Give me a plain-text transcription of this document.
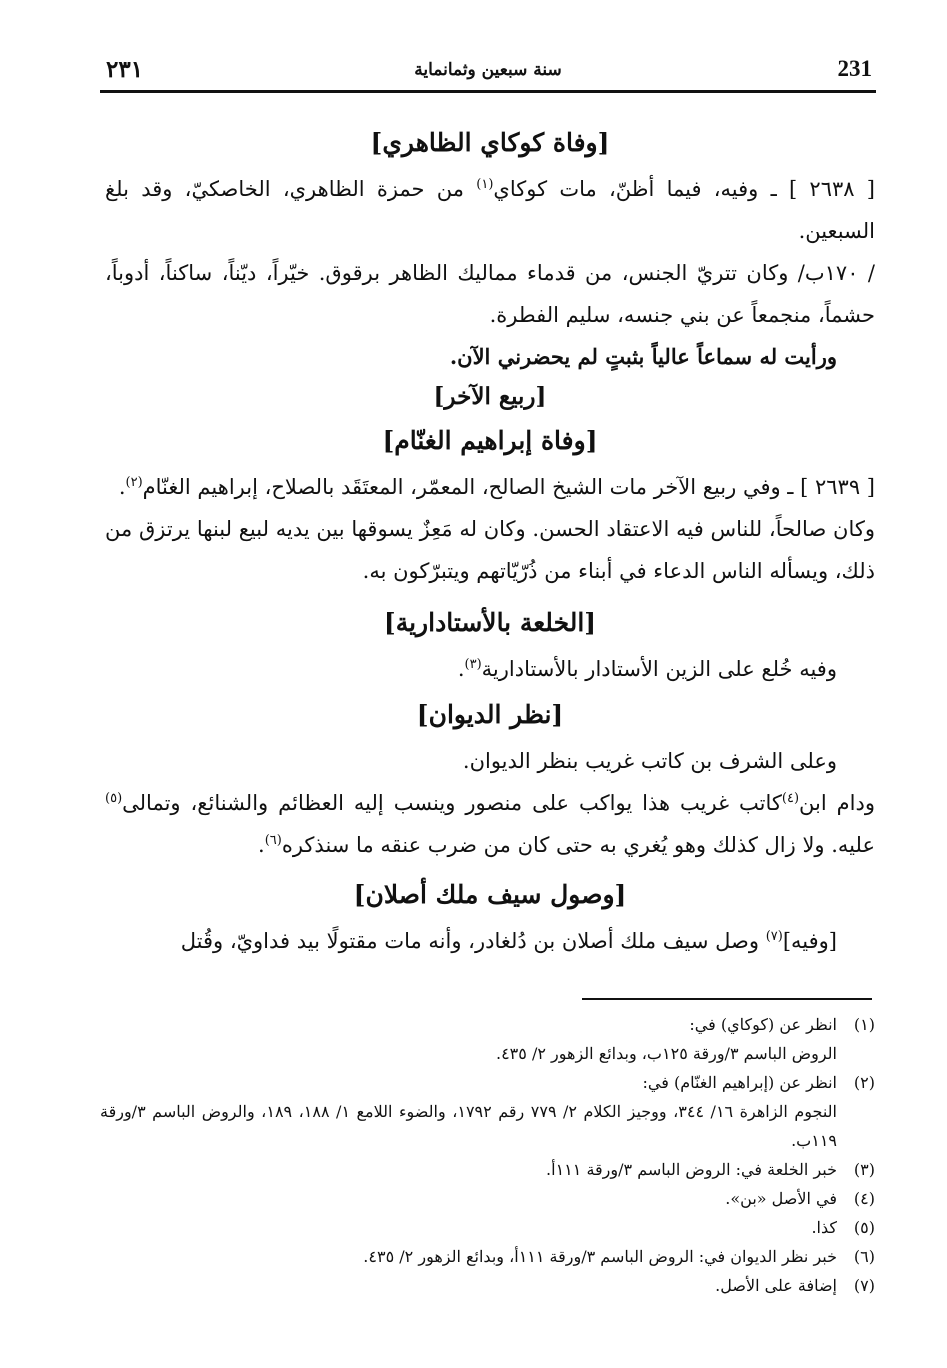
٢٣١	سنة سبعين وثمانماية	231

[وفاة كوكاي الظاهري]

[ ٢٦٣٨ ] ـ وفيه، فيما أظنّ، مات كوكاي$^{(١)}$ من حمزة الظاهري، الخاصكيّ، وقد بلغ السبعين.

/ ١٧٠ب/ وكان تتريّ الجنس، من قدماء مماليك الظاهر برقوق. خيّراً، ديّناً، ساكناً، أدوباً، حشماً، منجمعاً عن بني جنسه، سليم الفطرة.

ورأيت له سماعاً عالياً بثبتٍ لم يحضرني الآن.

[ربيع الآخر]

[وفاة إبراهيم الغنّام]

[ ٢٦٣٩ ] ـ وفي ربيع الآخر مات الشيخ الصالح، المعمّر، المعتَقَد بالصلاح، إبراهيم الغنّام$^{(٢)}$.

وكان صالحاً، للناس فيه الاعتقاد الحسن. وكان له مَعِزٌ يسوقها بين يديه لبيع لبنها يرتزق من ذلك، ويسأله الناس الدعاء في أبناء من ذُرّيّاتهم ويتبرّكون به.

[الخلعة بالأستادارية]

وفيه خُلع على الزين الأستادار بالأستادارية$^{(٣)}$.

[نظر الديوان]

وعلى الشرف بن كاتب غريب بنظر الديوان.

ودام ابن$^{(٤)}$كاتب غريب هذا يواكب على منصور وينسب إليه العظائم والشنائع، وتمالى$^{(٥)}$ عليه. ولا زال كذلك وهو يُغري به حتى كان من ضرب عنقه ما سنذكره$^{(٦)}$.

[وصول سيف ملك أصلان]

[وفيه]$^{(٧)}$ وصل سيف ملك أصلان بن دُلغادر، وأنه مات مقتولًا بيد فداويّ، وقُتل

(١)
انظر عن (كوكاي) في:
الروض الباسم ٣/ورقة ١٢٥ب، وبدائع الزهور ٢/ ٤٣٥.
(٢)
انظر عن (إبراهيم الغنّام) في:
النجوم الزاهرة ١٦/ ٣٤٤، ووجيز الكلام ٢/ ٧٧٩ رقم ١٧٩٢، والضوء اللامع ١/ ١٨٨، ١٨٩، والروض الباسم ٣/ورقة ١١٩ب.
(٣)
خبر الخلعة في: الروض الباسم ٣/ورقة ١١١أ.
(٤)
في الأصل «بن».
(٥)
كذا.
(٦)
خبر نظر الديوان في: الروض الباسم ٣/ورقة ١١١أ، وبدائع الزهور ٢/ ٤٣٥.
(٧)
إضافة على الأصل.
